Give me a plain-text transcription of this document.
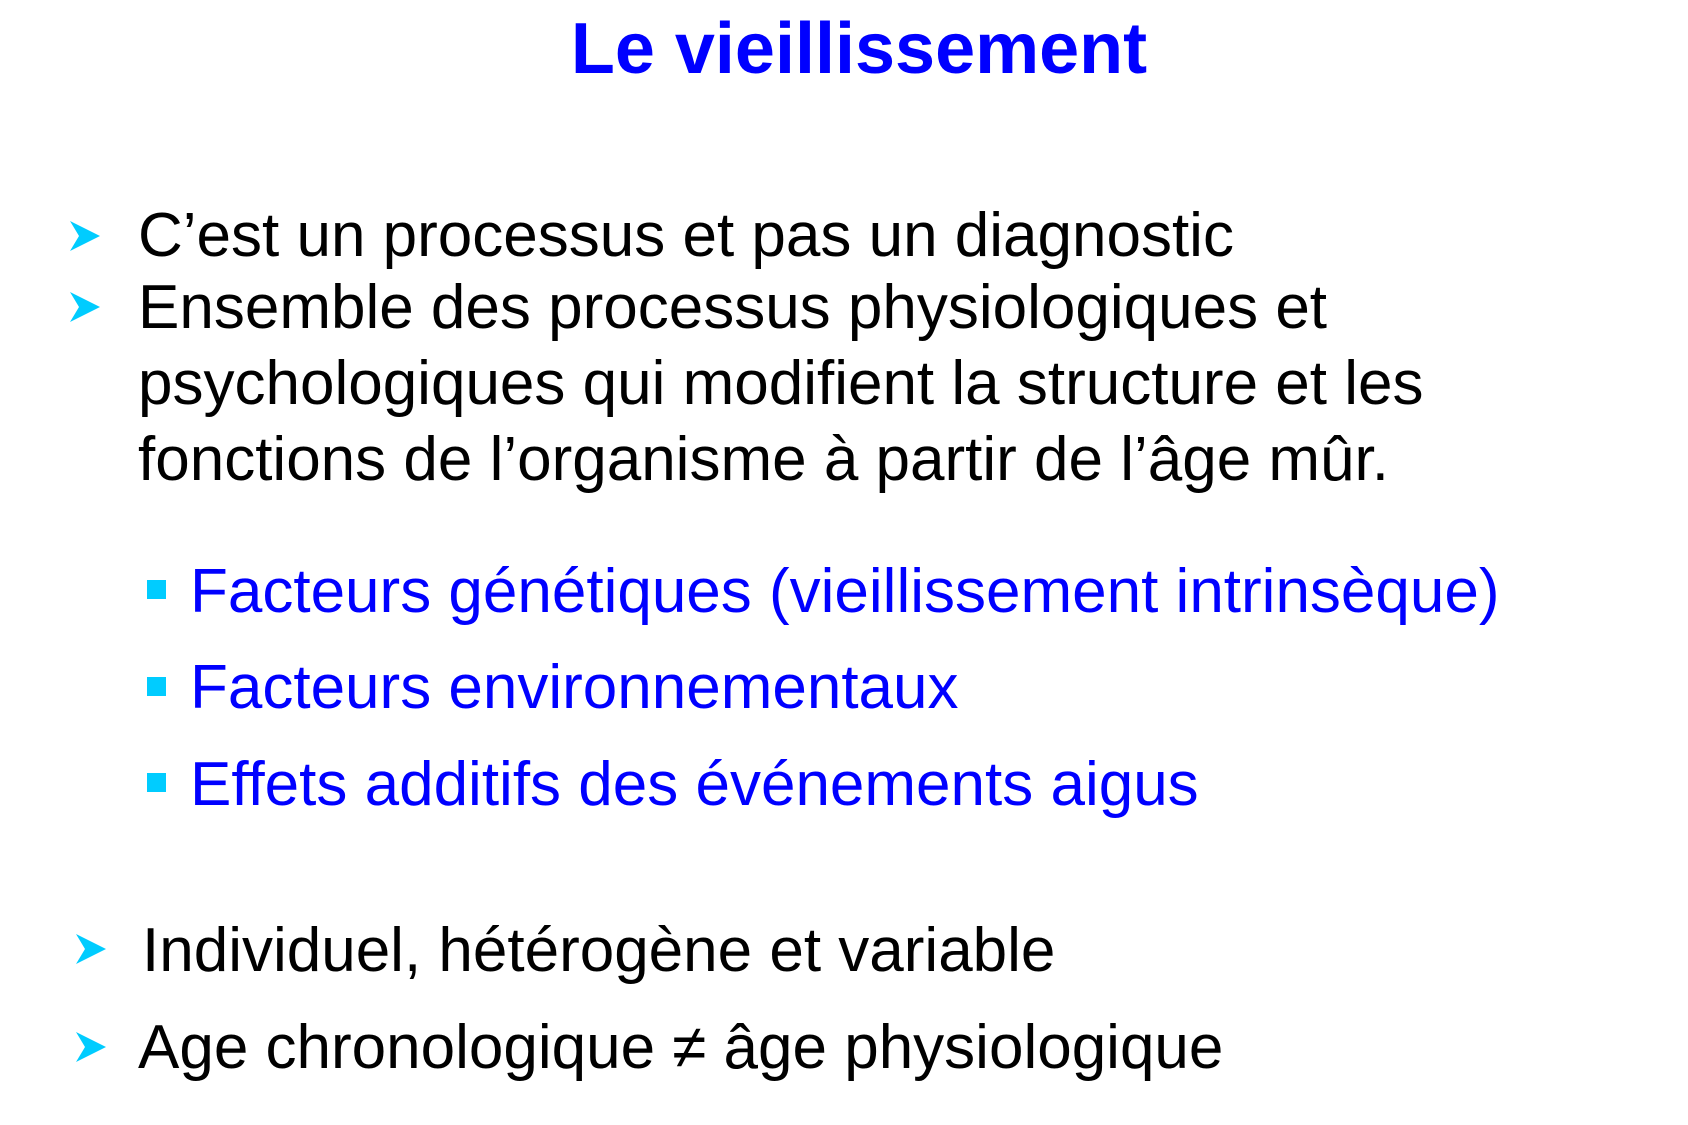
Le vieillissement
C’est un processus et pas un diagnostic
Ensemble des processus physiologiques et
psychologiques qui modifient la structure et les
fonctions de l’organisme à partir de l’âge mûr.
Facteurs génétiques (vieillissement intrinsèque)
Facteurs environnementaux
Effets additifs des événements aigus
Individuel, hétérogène et variable
Age chronologique ≠ âge physiologique
